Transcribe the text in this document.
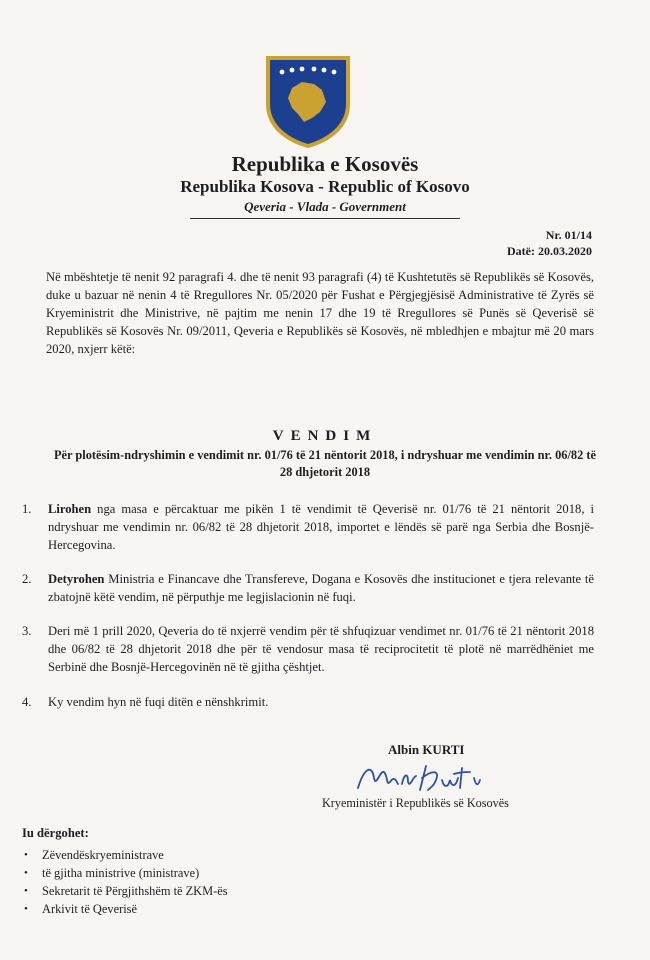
Republika e Kosovës
Republika Kosova - Republic of Kosovo
Qeveria - Vlada - Government
Nr. 01/14
Datë: 20.03.2020
Në mbështetje të nenit 92 paragrafi 4. dhe të nenit 93 paragrafi (4) të Kushtetutës së Republikës së Kosovës, duke u bazuar në nenin 4 të Rregullores Nr. 05/2020 për Fushat e Përgjegjësisë Administrative të Zyrës së Kryeministrit dhe Ministrive, në pajtim me nenin 17 dhe 19 të Rregullores së Punës së Qeverisë së Republikës së Kosovës Nr. 09/2011, Qeveria e Republikës së Kosovës, në mbledhjen e mbajtur më 20 mars 2020, nxjerr këtë:
VENDIM
Për plotësim-ndryshimin e vendimit nr. 01/76 të 21 nëntorit 2018, i ndryshuar me vendimin nr. 06/82 të 28 dhjetorit 2018
1.	Lirohen nga masa e përcaktuar me pikën 1 të vendimit të Qeverisë nr. 01/76 të 21 nëntorit 2018, i ndryshuar me vendimin nr. 06/82 të 28 dhjetorit 2018, importet e lëndës së parë nga Serbia dhe Bosnjë-Hercegovina.
2.	Detyrohen Ministria e Financave dhe Transfereve, Dogana e Kosovës dhe institucionet e tjera relevante të zbatojnë këtë vendim, në përputhje me legjislacionin në fuqi.
3.	Deri më 1 prill 2020, Qeveria do të nxjerrë vendim për të shfuqizuar vendimet nr. 01/76 të 21 nëntorit 2018 dhe 06/82 të 28 dhjetorit 2018 dhe për të vendosur masa të reciprocitetit të plotë në marrëdhëniet me Serbinë dhe Bosnjë-Hercegovinën në të gjitha çështjet.
4.	Ky vendim hyn në fuqi ditën e nënshkrimit.
Albin KURTI
Kryeministër i Republikës së Kosovës
Iu dërgohet:
• Zëvendëskryeministrave
• të gjitha ministrive (ministrave)
• Sekretarit të Përgjithshëm të ZKM-ës
• Arkivit të Qeverisë
